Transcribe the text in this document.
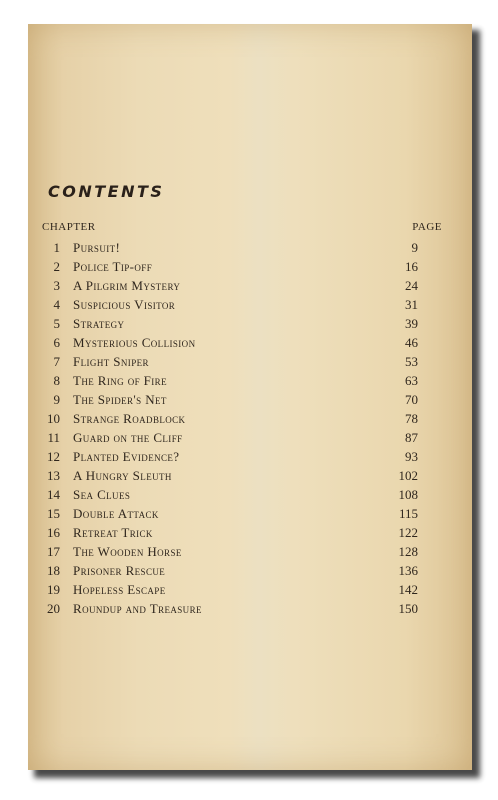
CONTENTS
CHAPTER	PAGE
1 Pursuit!	9
2 Police Tip-off	16
3 A Pilgrim Mystery	24
4 Suspicious Visitor	31
5 Strategy	39
6 Mysterious Collision	46
7 Flight Sniper	53
8 The Ring of Fire	63
9 The Spider's Net	70
10 Strange Roadblock	78
11 Guard on the Cliff	87
12 Planted Evidence?	93
13 A Hungry Sleuth	102
14 Sea Clues	108
15 Double Attack	115
16 Retreat Trick	122
17 The Wooden Horse	128
18 Prisoner Rescue	136
19 Hopeless Escape	142
20 Roundup and Treasure	150
